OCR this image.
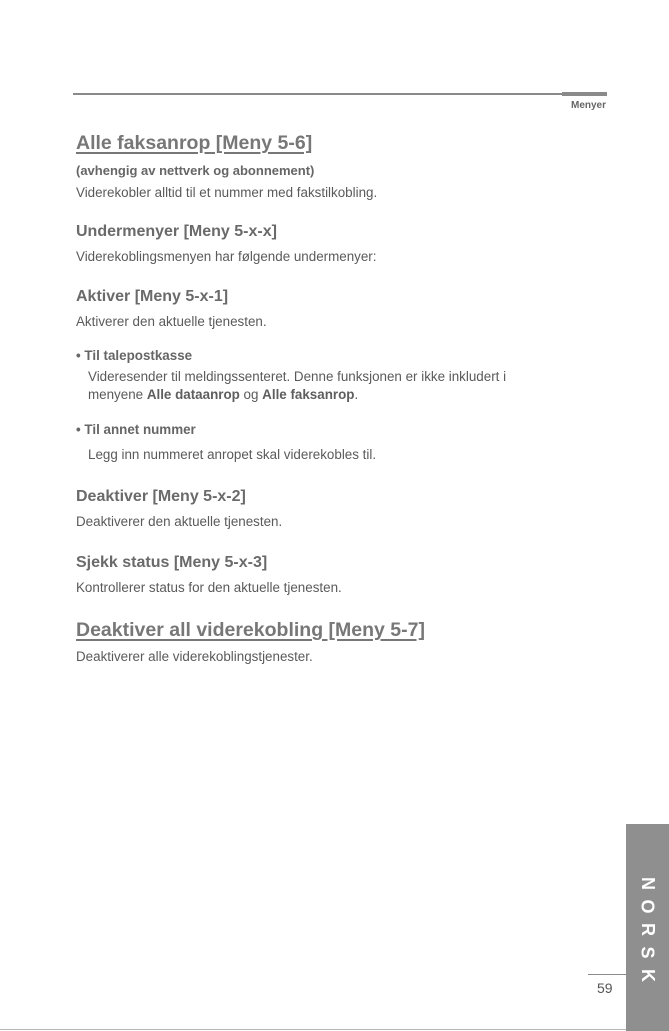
Menyer
Alle faksanrop [Meny 5-6]

(avhengig av nettverk og abonnement)

Viderekobler alltid til et nummer med fakstilkobling.

Undermenyer [Meny 5-x-x]

Viderekoblingsmenyen har følgende undermenyer:

Aktiver [Meny 5-x-1]

Aktiverer den aktuelle tjenesten.

• Til talepostkasse

Videresender til meldingssenteret. Denne funksjonen er ikke inkludert i

menyene Alle dataanrop og Alle faksanrop.

• Til annet nummer

Legg inn nummeret anropet skal viderekobles til.

Deaktiver [Meny 5-x-2]

Deaktiverer den aktuelle tjenesten.

Sjekk status [Meny 5-x-3]

Kontrollerer status for den aktuelle tjenesten.

Deaktiver all viderekobling [Meny 5-7]

Deaktiverer alle viderekoblingstjenester.

N
O
R
S
K
59
